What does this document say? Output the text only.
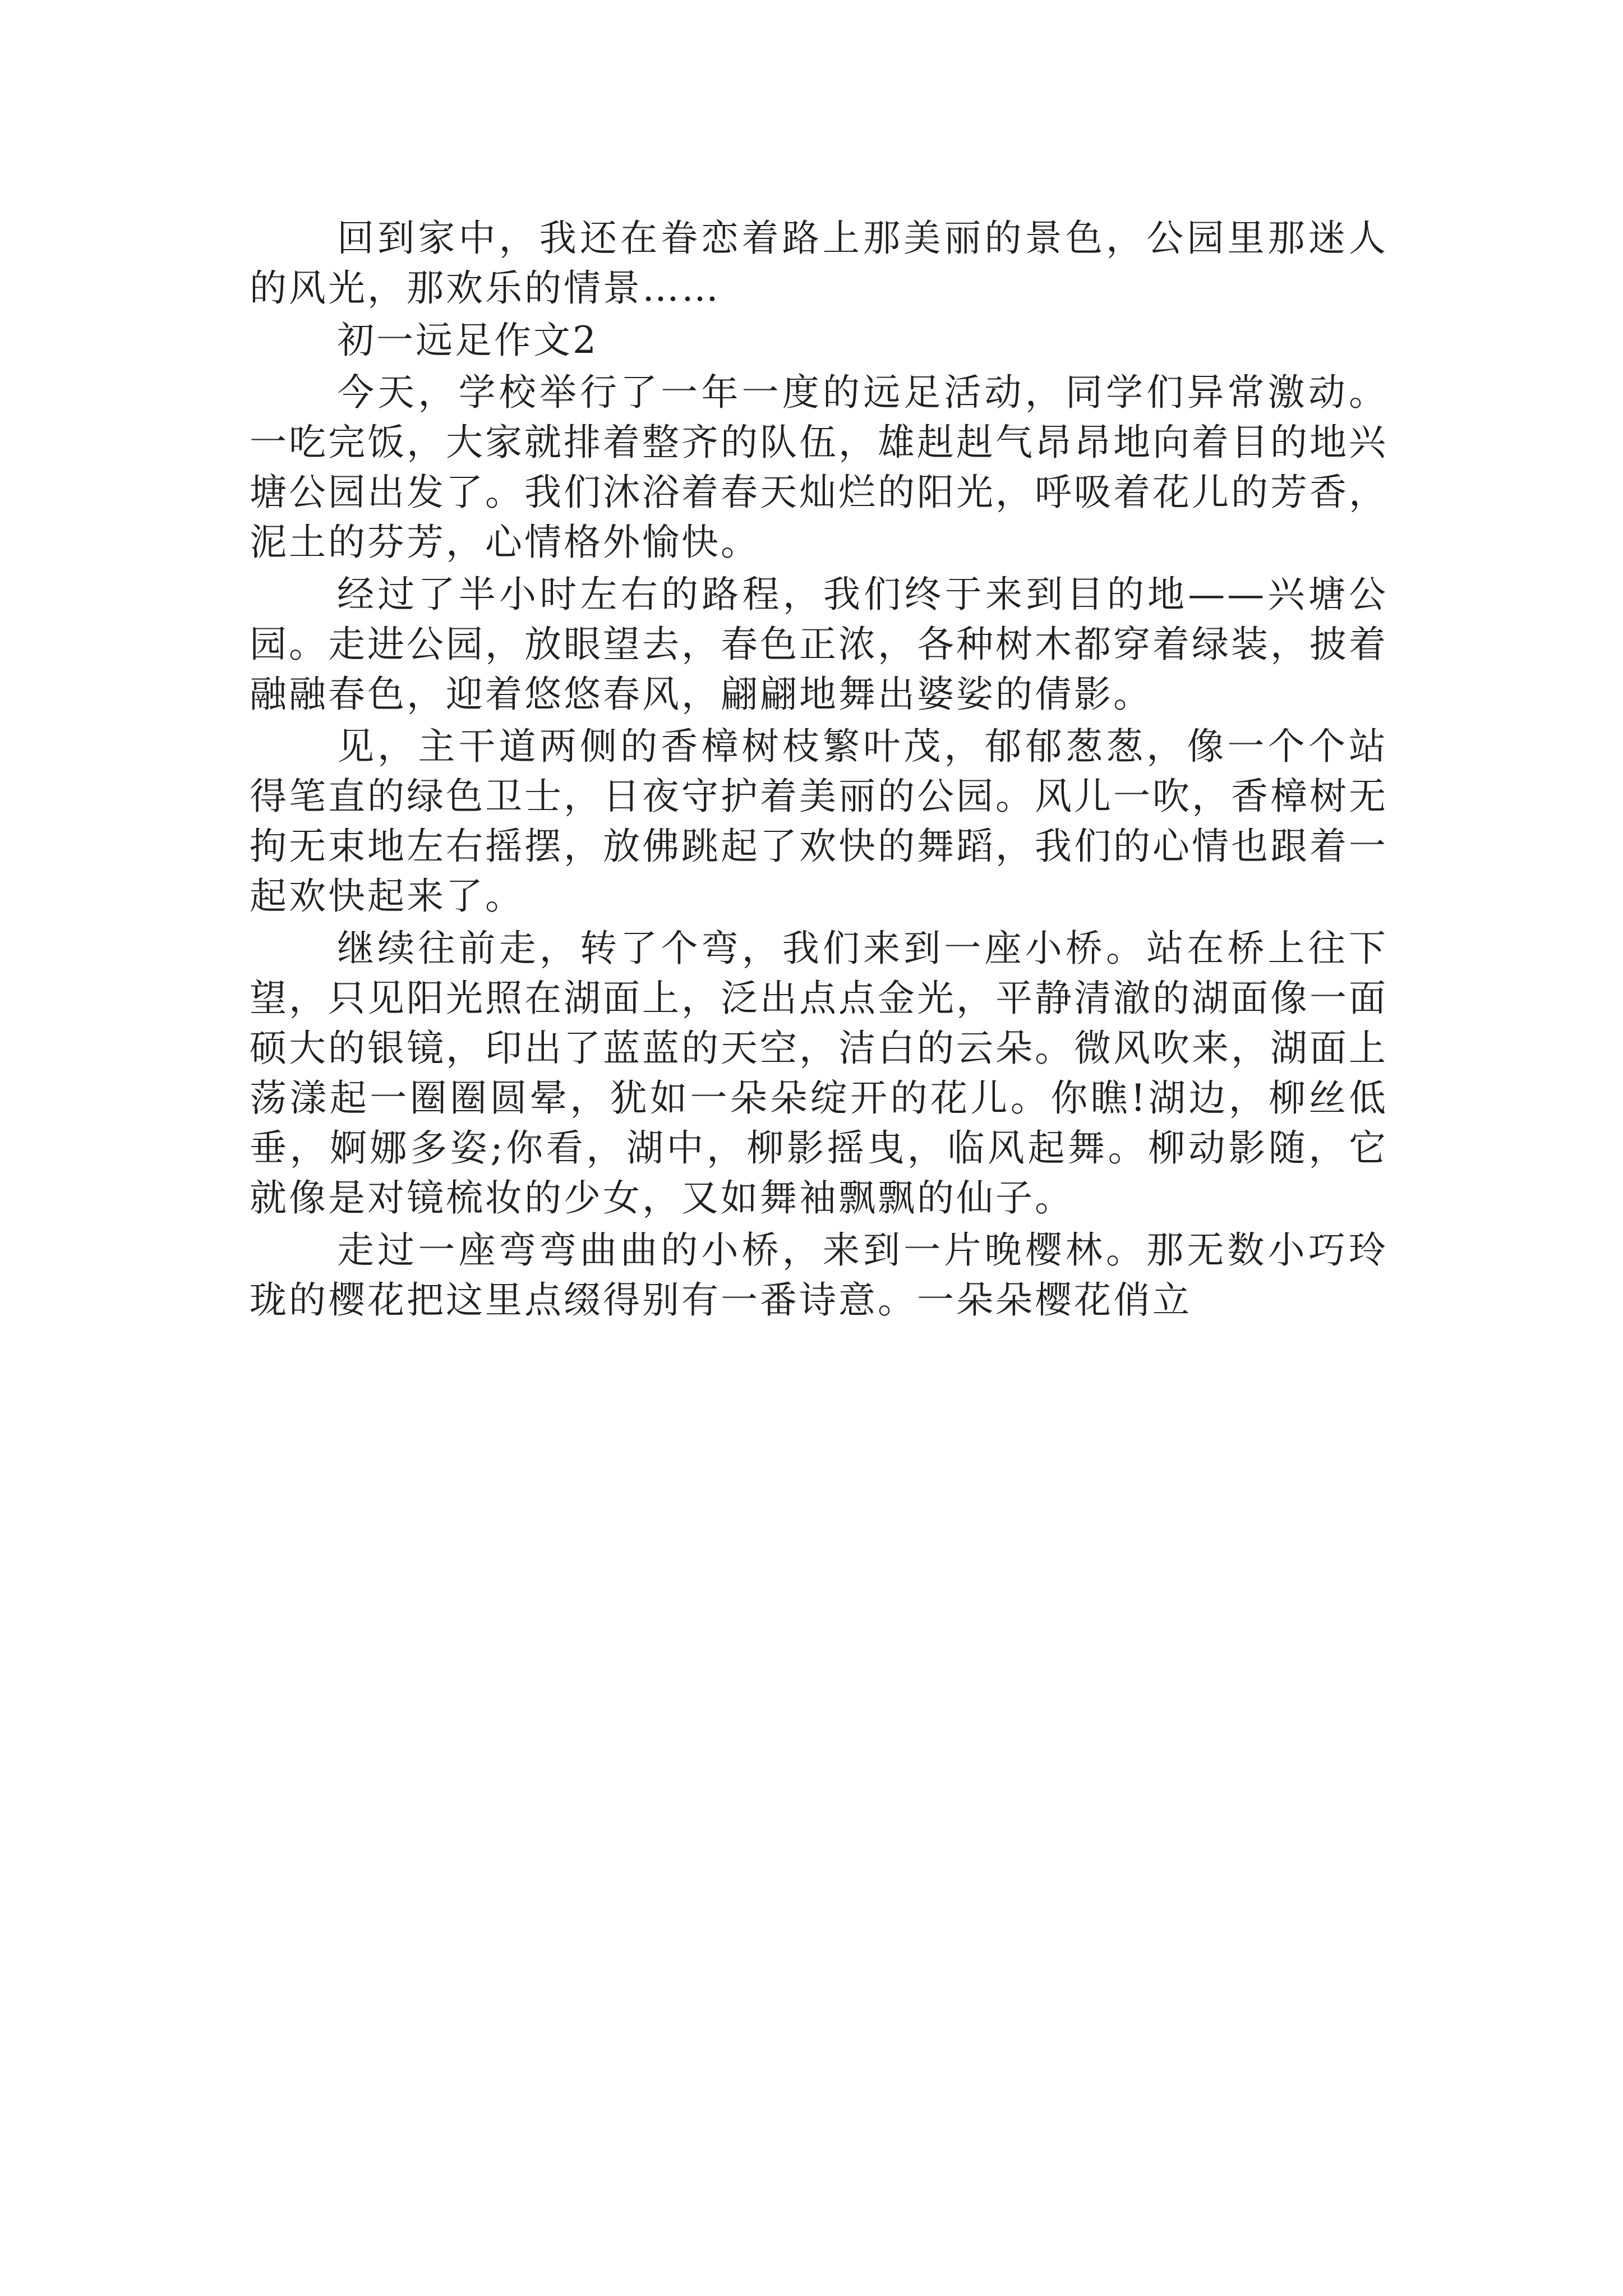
回到家中，我还在眷恋着路上那美丽的景色，公园里那迷人的风光，那欢乐的情景……

初一远足作文2

今天，学校举行了一年一度的远足活动，同学们异常激动。一吃完饭，大家就排着整齐的队伍，雄赳赳气昂昂地向着目的地兴塘公园出发了。我们沐浴着春天灿烂的阳光，呼吸着花儿的芳香，泥土的芬芳，心情格外愉快。

经过了半小时左右的路程，我们终于来到目的地——兴塘公园。走进公园，放眼望去，春色正浓，各种树木都穿着绿装，披着融融春色，迎着悠悠春风，翩翩地舞出婆娑的倩影。

见，主干道两侧的香樟树枝繁叶茂，郁郁葱葱，像一个个站得笔直的绿色卫士，日夜守护着美丽的公园。风儿一吹，香樟树无拘无束地左右摇摆，放佛跳起了欢快的舞蹈，我们的心情也跟着一起欢快起来了。

继续往前走，转了个弯，我们来到一座小桥。站在桥上往下望，只见阳光照在湖面上，泛出点点金光，平静清澈的湖面像一面硕大的银镜，印出了蓝蓝的天空，洁白的云朵。微风吹来，湖面上荡漾起一圈圈圆晕，犹如一朵朵绽开的花儿。你瞧!湖边，柳丝低垂，婀娜多姿;你看，湖中，柳影摇曳，临风起舞。柳动影随，它就像是对镜梳妆的少女，又如舞袖飘飘的仙子。

走过一座弯弯曲曲的小桥，来到一片晚樱林。那无数小巧玲珑的樱花把这里点缀得别有一番诗意。一朵朵樱花俏立
